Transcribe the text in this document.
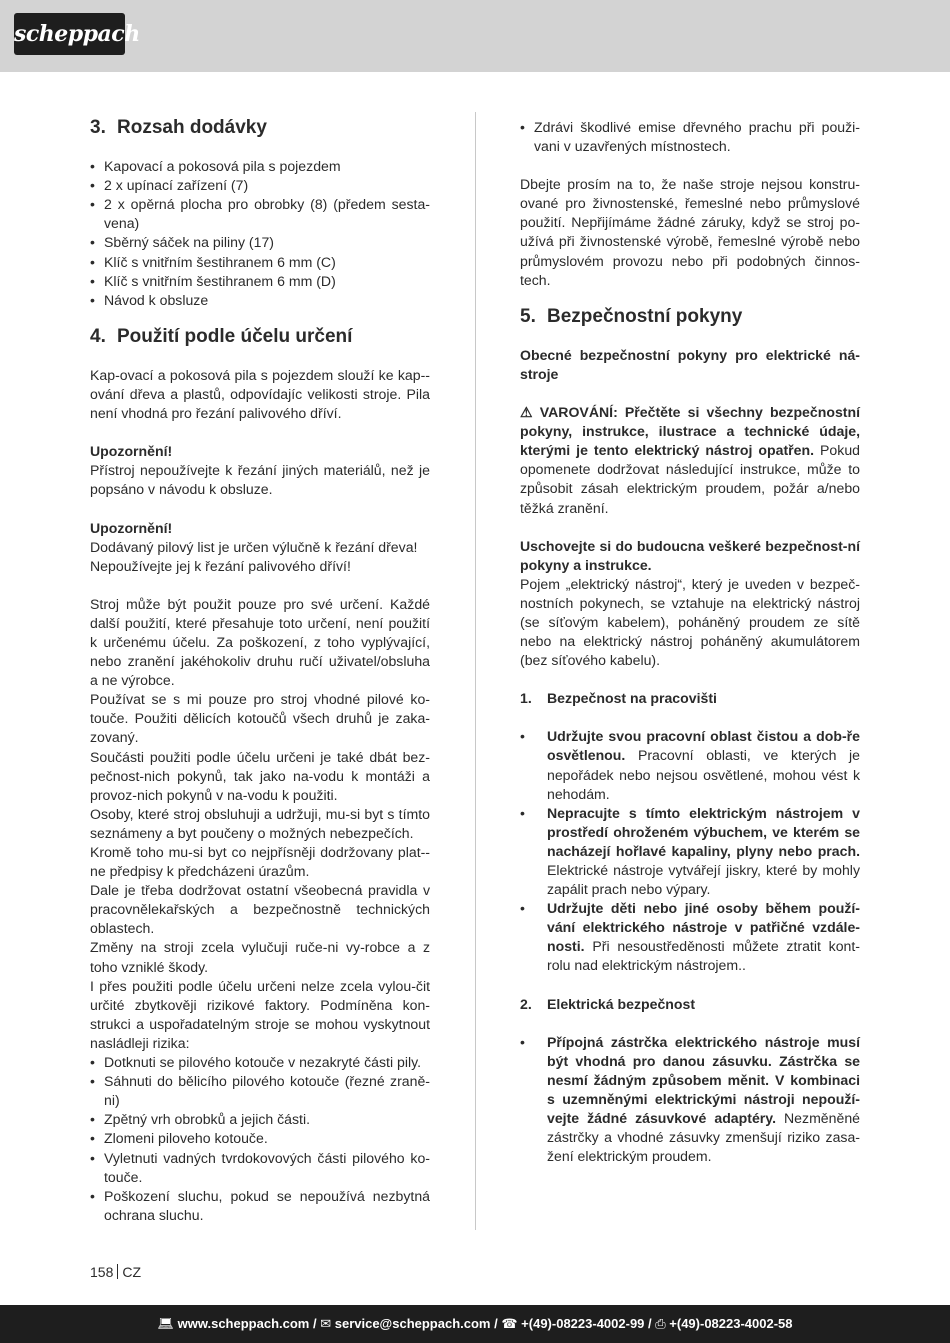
scheppach
3. Rozsah dodávky
• Kapovací a pokosová pila s pojezdem
• 2 x upínací zařízení (7)
• 2 x opěrná plocha pro obrobky (8) (předem sesta-vena)
• Sběrný sáček na piliny (17)
• Klíč s vnitřním šestihranem 6 mm (C)
• Klíč s vnitřním šestihranem 6 mm (D)
• Návod k obsluze
4. Použití podle účelu určení

Kap-ovací a pokosová pila s pojezdem slouží ke kap--ování dřeva a plastů, odpovídajíc velikosti stroje. Pila není vhodná pro řezání palivového dříví.

Upozornění!

Přístroj nepoužívejte k řezání jiných materiálů, než je popsáno v návodu k obsluze.

Upozornění!

Dodávaný pilový list je určen výlučně k řezání dřeva! Nepoužívejte jej k řezání palivového dříví!

Stroj může být použit pouze pro své určení. Každé další použití, které přesahuje toto určení, není použití k určenému účelu. Za poškození, z toho vyplývající, nebo zranění jakéhokoliv druhu ručí uživatel/obsluha a ne výrobce.

Používat se s mi pouze pro stroj vhodné pilové ko-touče. Použiti dělicích kotoučů všech druhů je zaka-zovaný.

Součásti použiti podle účelu určeni je také dbát bez-pečnost-nich pokynů, tak jako na-vodu k montáži a provoz-nich pokynů v na-vodu k použiti.

Osoby, které stroj obsluhuji a udržuji, mu-si byt s tímto seznámeny a byt poučeny o možných nebezpečích.

Kromě toho mu-si byt co nejpřísněji dodržovany plat--ne předpisy k předcházeni úrazům.

Dale je třeba dodržovat ostatní všeobecná pravidla v pracovnělekařských a bezpečnostně technických oblastech.

Změny na stroji zcela vylučuji ruče-ni vy-robce a z toho vzniklé škody.

I přes použiti podle účelu určeni nelze zcela vylou-čit určité zbytkověji rizikové faktory. Podmíněna kon-strukci a uspořadatelným stroje se mohou vyskytnout nasládleji rizika:

• Dotknuti se pilového kotouče v nezakryté části pily.
• Sáhnuti do bělicího pilového kotouče (řezné zraně-ni)
• Zpětný vrh obrobků a jejich části.
• Zlomeni piloveho kotouče.
• Vyletnuti vadných tvrdokovových části pilového ko-touče.
• Poškození sluchu, pokud se nepoužívá nezbytná ochrana sluchu.
• Zdrávi škodlivé emise dřevného prachu při použi-vani v uzavřených místnostech.

Dbejte prosím na to, že naše stroje nejsou konstru-ované pro živnostenské, řemeslné nebo průmyslové použití. Nepřijímáme žádné záruky, když se stroj po-užívá při živnostenské výrobě, řemeslné výrobě nebo průmyslovém provozu nebo při podobných činnos-tech.

5. Bezpečnostní pokyny

Obecné bezpečnostní pokyny pro elektrické ná-stroje

⚠ VAROVÁNÍ: Přečtěte si všechny bezpečnostní pokyny, instrukce, ilustrace a technické údaje, kterými je tento elektrický nástroj opatřen. Pokud opomenete dodržovat následující instrukce, může to způsobit zásah elektrickým proudem, požár a/nebo těžká zranění.

Uschovejte si do budoucna veškeré bezpečnost-ní pokyny a instrukce.

Pojem „elektrický nástroj“, který je uveden v bezpeč-nostních pokynech, se vztahuje na elektrický nástroj (se síťovým kabelem), poháněný proudem ze sítě nebo na elektrický nástroj poháněný akumulátorem (bez síťového kabelu).

1. Bezpečnost na pracovišti

• Udržujte svou pracovní oblast čistou a dob-ře osvětlenou. Pracovní oblasti, ve kterých je nepořádek nebo nejsou osvětlené, mohou vést k nehodám.
• Nepracujte s tímto elektrickým nástrojem v prostředí ohroženém výbuchem, ve kterém se nacházejí hořlavé kapaliny, plyny nebo prach. Elektrické nástroje vytvářejí jiskry, které by mohly zapálit prach nebo výpary.
• Udržujte děti nebo jiné osoby během použí-vání elektrického nástroje v patřičné vzdále-nosti. Při nesoustředěnosti můžete ztratit kont-rolu nad elektrickým nástrojem..

2. Elektrická bezpečnost

• Přípojná zástrčka elektrického nástroje musí být vhodná pro danou zásuvku. Zástrčka se nesmí žádným způsobem měnit. V kombinaci s uzemněnými elektrickými nástroji nepouží-vejte žádné zásuvkové adaptéry. Nezměněné zástrčky a vhodné zásuvky zmenšují riziko zasa-žení elektrickým proudem.
158 CZ
💻︎ www.scheppach.com / ✉︎ service@scheppach.com / ☎︎ +(49)-08223-4002-99 / ⎙ +(49)-08223-4002-58
